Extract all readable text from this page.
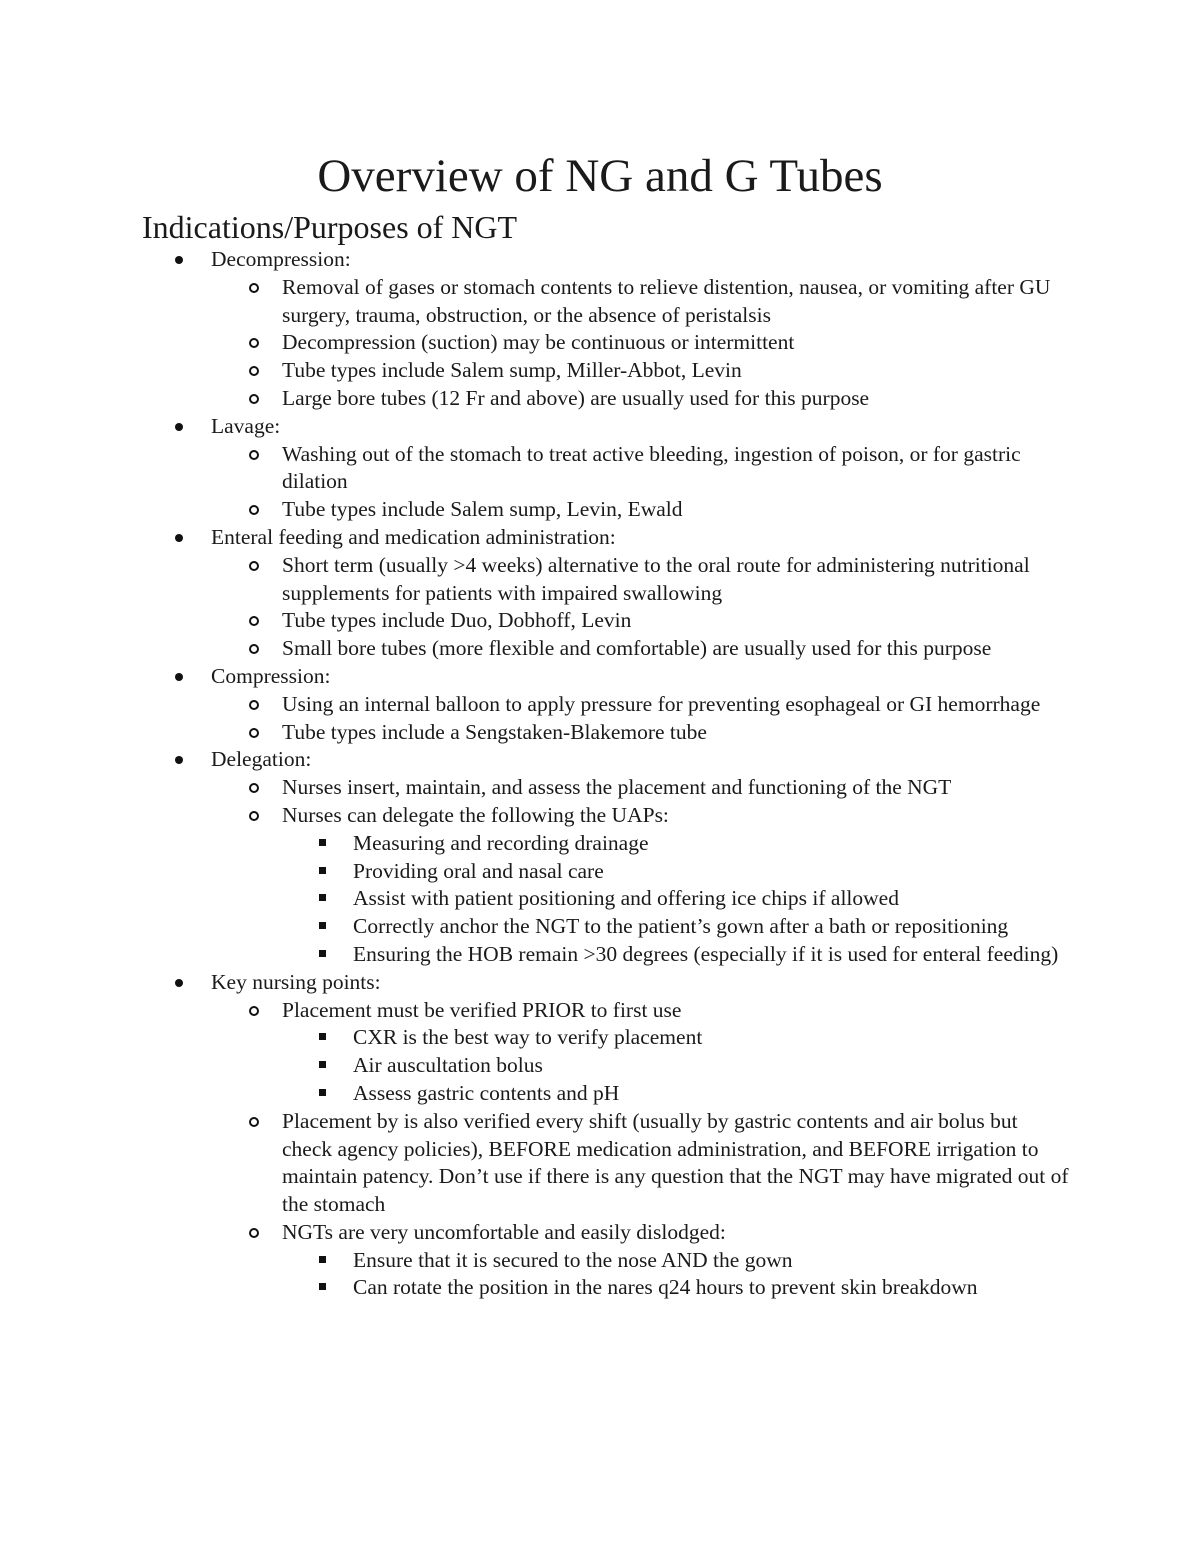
Overview of NG and G Tubes
Indications/Purposes of NGT
Decompression:
Removal of gases or stomach contents to relieve distention, nausea, or vomiting after GU surgery, trauma, obstruction, or the absence of peristalsis
Decompression (suction) may be continuous or intermittent
Tube types include Salem sump, Miller-Abbot, Levin
Large bore tubes (12 Fr and above) are usually used for this purpose
Lavage:
Washing out of the stomach to treat active bleeding, ingestion of poison, or for gastric dilation
Tube types include Salem sump, Levin, Ewald
Enteral feeding and medication administration:
Short term (usually >4 weeks) alternative to the oral route for administering nutritional supplements for patients with impaired swallowing
Tube types include Duo, Dobhoff, Levin
Small bore tubes (more flexible and comfortable) are usually used for this purpose
Compression:
Using an internal balloon to apply pressure for preventing esophageal or GI hemorrhage
Tube types include a Sengstaken-Blakemore tube
Delegation:
Nurses insert, maintain, and assess the placement and functioning of the NGT
Nurses can delegate the following the UAPs:
Measuring and recording drainage
Providing oral and nasal care
Assist with patient positioning and offering ice chips if allowed
Correctly anchor the NGT to the patient’s gown after a bath or repositioning
Ensuring the HOB remain >30 degrees (especially if it is used for enteral feeding)
Key nursing points:
Placement must be verified PRIOR to first use
CXR is the best way to verify placement
Air auscultation bolus
Assess gastric contents and pH
Placement by is also verified every shift (usually by gastric contents and air bolus but check agency policies), BEFORE medication administration, and BEFORE irrigation to maintain patency. Don’t use if there is any question that the NGT may have migrated out of the stomach
NGTs are very uncomfortable and easily dislodged:
Ensure that it is secured to the nose AND the gown
Can rotate the position in the nares q24 hours to prevent skin breakdown
